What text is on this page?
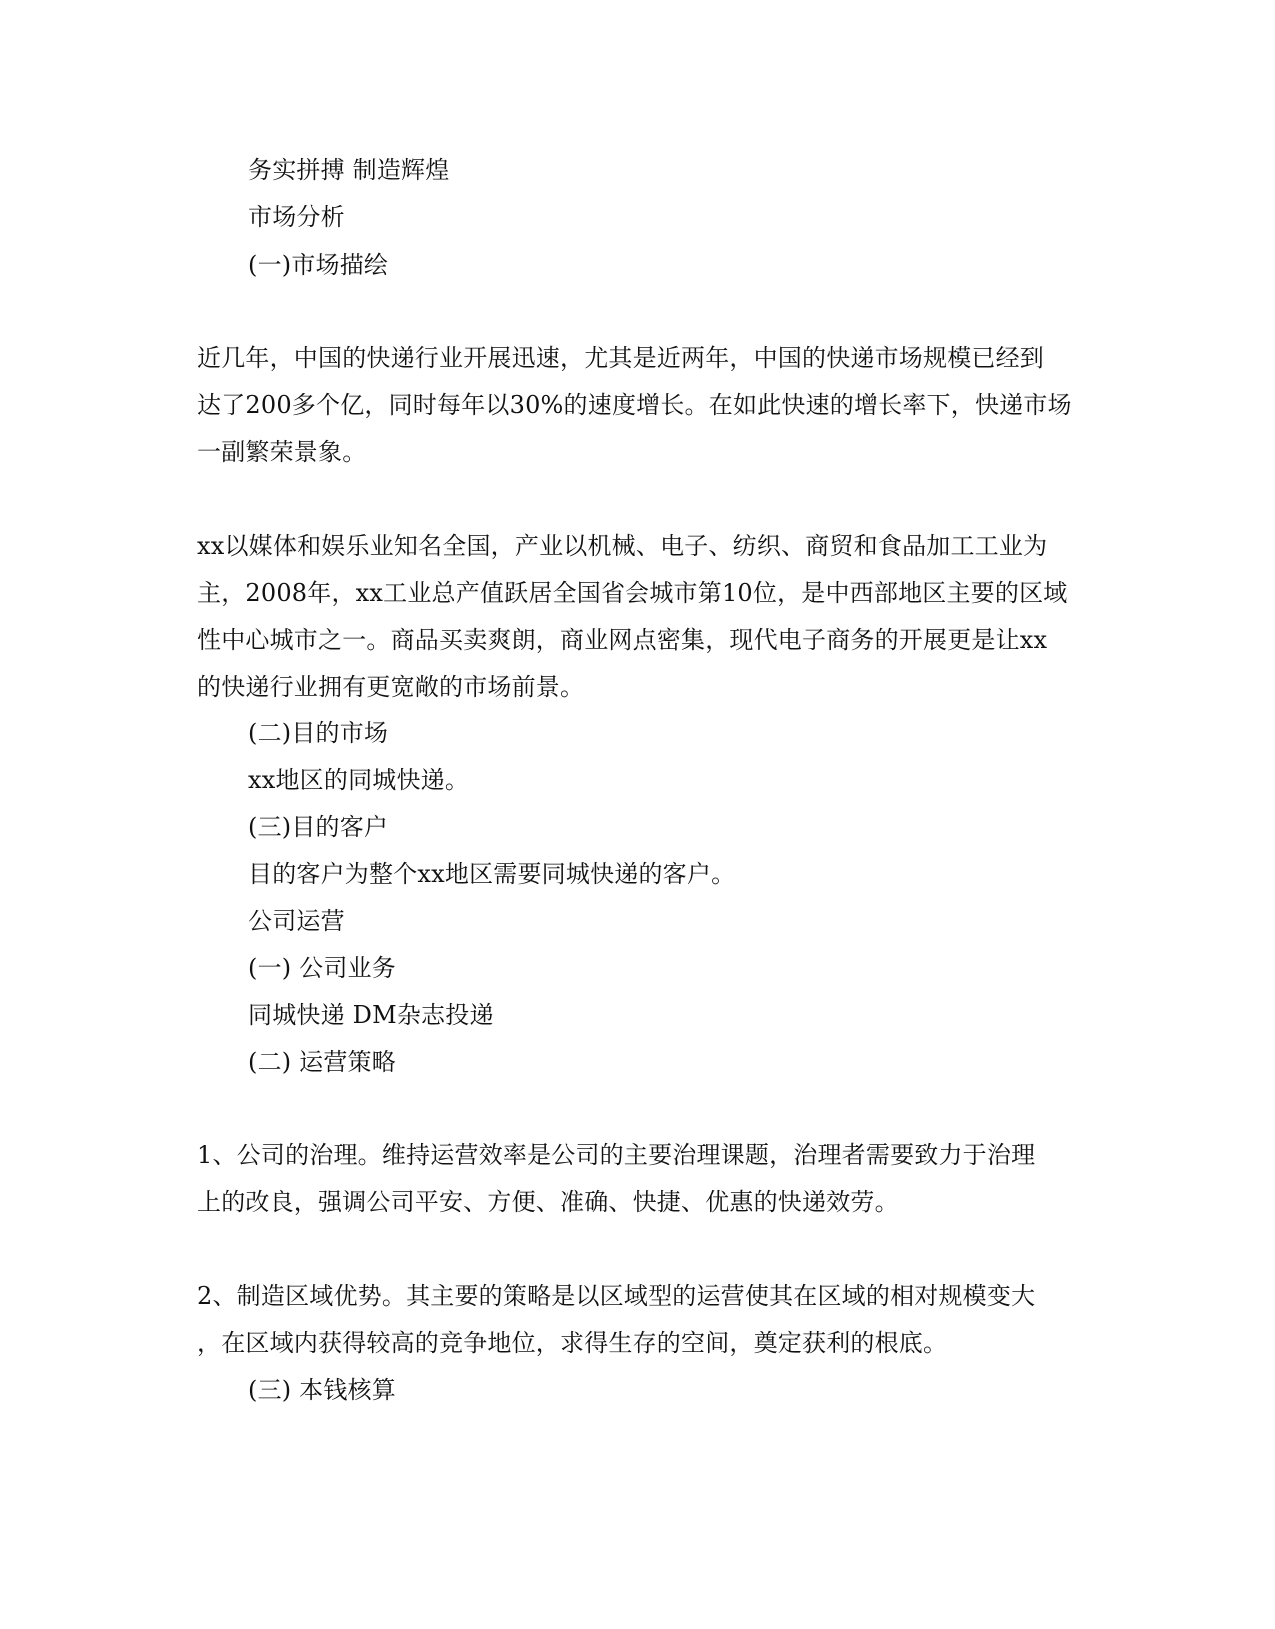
务实拼搏 制造辉煌
市场分析
(一)市场描绘
近几年，中国的快递行业开展迅速，尤其是近两年，中国的快递市场规模已经到
达了200多个亿，同时每年以30%的速度增长。在如此快速的增长率下，快递市场
一副繁荣景象。
xx以媒体和娱乐业知名全国，产业以机械、电子、纺织、商贸和食品加工工业为
主，2008年，xx工业总产值跃居全国省会城市第10位，是中西部地区主要的区域
性中心城市之一。商品买卖爽朗，商业网点密集，现代电子商务的开展更是让xx
的快递行业拥有更宽敞的市场前景。
(二)目的市场
xx地区的同城快递。
(三)目的客户
目的客户为整个xx地区需要同城快递的客户。
公司运营
(一) 公司业务
同城快递 DM杂志投递
(二) 运营策略
1、公司的治理。维持运营效率是公司的主要治理课题，治理者需要致力于治理
上的改良，强调公司平安、方便、准确、快捷、优惠的快递效劳。
2、制造区域优势。其主要的策略是以区域型的运营使其在区域的相对规模变大
，在区域内获得较高的竞争地位，求得生存的空间，奠定获利的根底。
(三) 本钱核算
